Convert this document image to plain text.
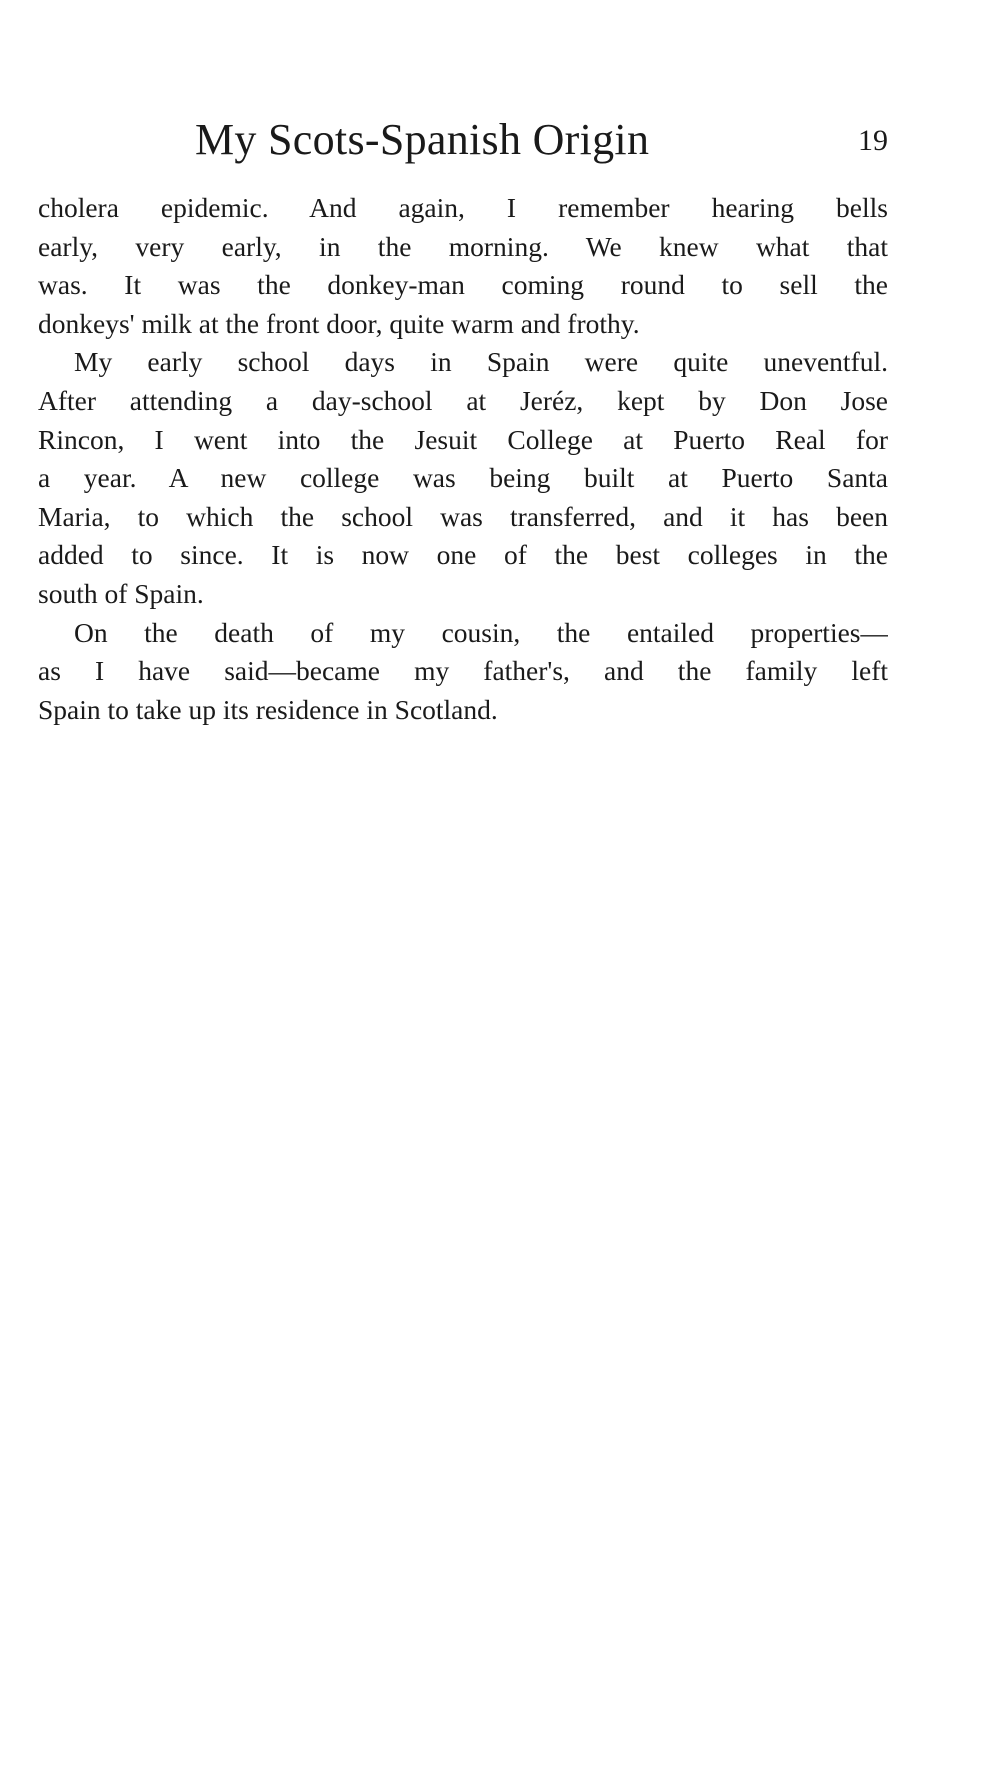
My Scots-Spanish Origin	19

cholera epidemic. And again, I remember hearing bells
early, very early, in the morning. We knew what that
was. It was the donkey-man coming round to sell the
donkeys' milk at the front door, quite warm and frothy.

My early school days in Spain were quite uneventful.
After attending a day-school at Jeréz, kept by Don Jose
Rincon, I went into the Jesuit College at Puerto Real for
a year. A new college was being built at Puerto Santa
Maria, to which the school was transferred, and it has been
added to since. It is now one of the best colleges in the
south of Spain.

On the death of my cousin, the entailed properties—
as I have said—became my father's, and the family left
Spain to take up its residence in Scotland.
